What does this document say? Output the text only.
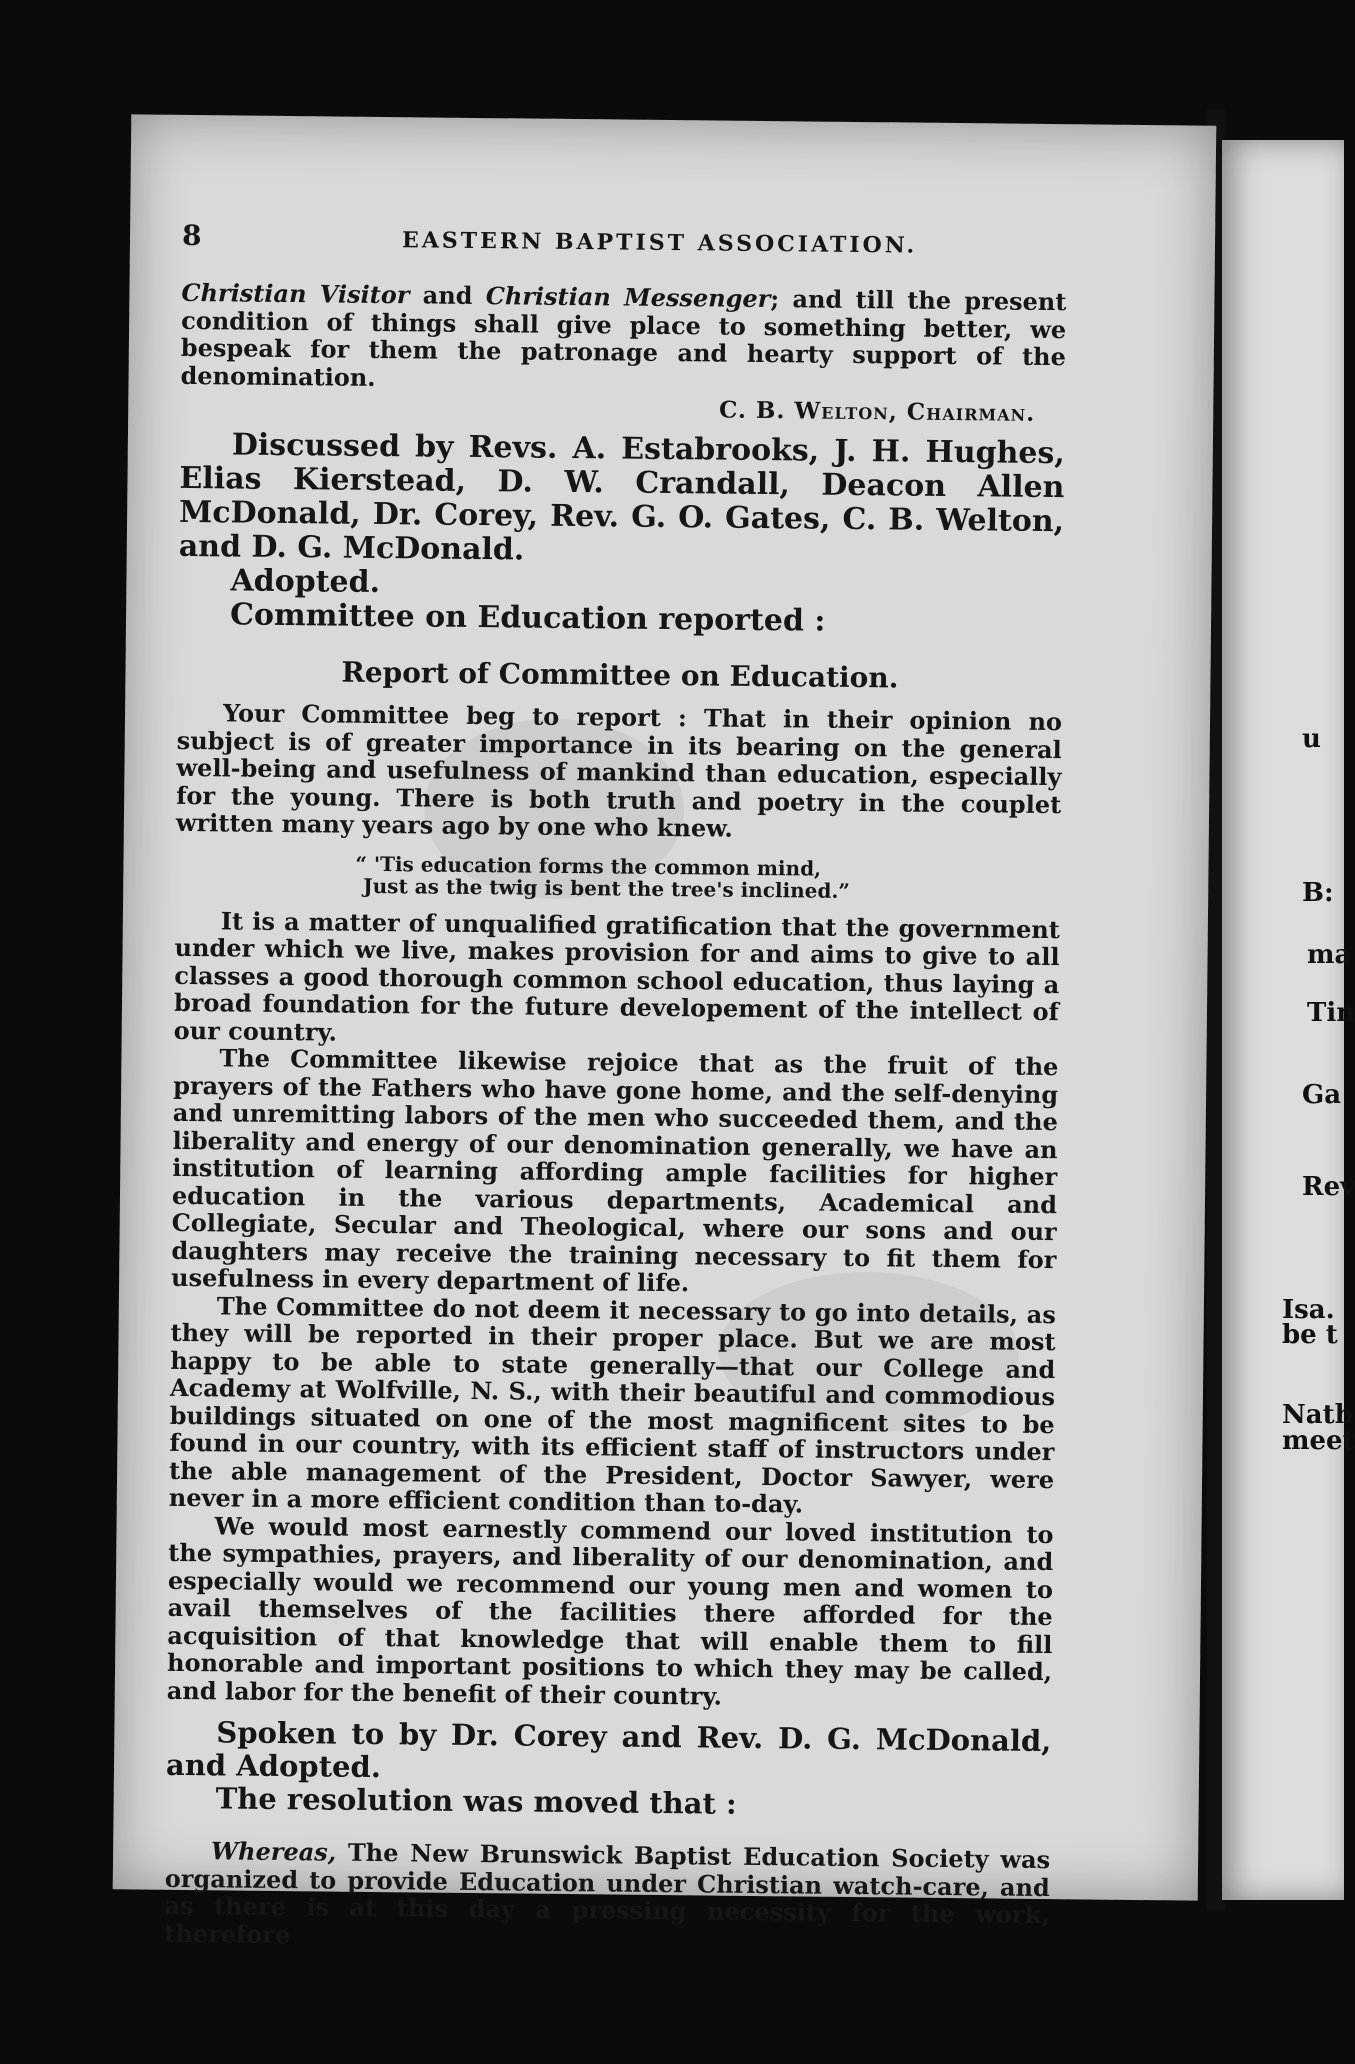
8	EASTERN BAPTIST ASSOCIATION.

Christian Visitor and Christian Messenger; and till the present condition of things shall give place to something better, we bespeak for them the patronage and hearty support of the denomination.

C. B. Welton, Chairman.

Discussed by Revs. A. Estabrooks, J. H. Hughes, Elias Kierstead, D. W. Crandall, Deacon Allen McDonald, Dr. Corey, Rev. G. O. Gates, C. B. Welton, and D. G. McDonald.

Adopted.

Committee on Education reported :

Report of Committee on Education.

Your Committee beg to report : That in their opinion no subject is of greater importance in its bearing on the general well-being and usefulness of mankind than education, especially for the young. There is both truth and poetry in the couplet written many years ago by one who knew.

“ 'Tis education forms the common mind,
Just as the twig is bent the tree's inclined.”

It is a matter of unqualified gratification that the government under which we live, makes provision for and aims to give to all classes a good thorough common school education, thus laying a broad foundation for the future developement of the intellect of our country.

The Committee likewise rejoice that as the fruit of the prayers of the Fathers who have gone home, and the self-denying and unremitting labors of the men who succeeded them, and the liberality and energy of our denomination generally, we have an institution of learning affording ample facilities for higher education in the various departments, Academical and Collegiate, Secular and Theological, where our sons and our daughters may receive the training necessary to fit them for usefulness in every department of life.

The Committee do not deem it necessary to go into details, as they will be reported in their proper place. But we are most happy to be able to state generally—that our College and Academy at Wolfville, N. S., with their beautiful and commodious buildings situated on one of the most magnificent sites to be found in our country, with its efficient staff of instructors under the able management of the President, Doctor Sawyer, were never in a more efficient condition than to-day.

We would most earnestly commend our loved institution to the sympathies, prayers, and liberality of our denomination, and especially would we recommend our young men and women to avail themselves of the facilities there afforded for the acquisition of that knowledge that will enable them to fill honorable and important positions to which they may be called, and labor for the benefit of their country.

Spoken to by Dr. Corey and Rev. D. G. McDonald, and Adopted.

The resolution was moved that :

Whereas, The New Brunswick Baptist Education Society was organized to provide Education under Christian watch-care, and as there is at this day a pressing necessity for the work, therefore

u
B:
ma
Tin
Ga
Rev
Isa.
be t
Nath
meet
